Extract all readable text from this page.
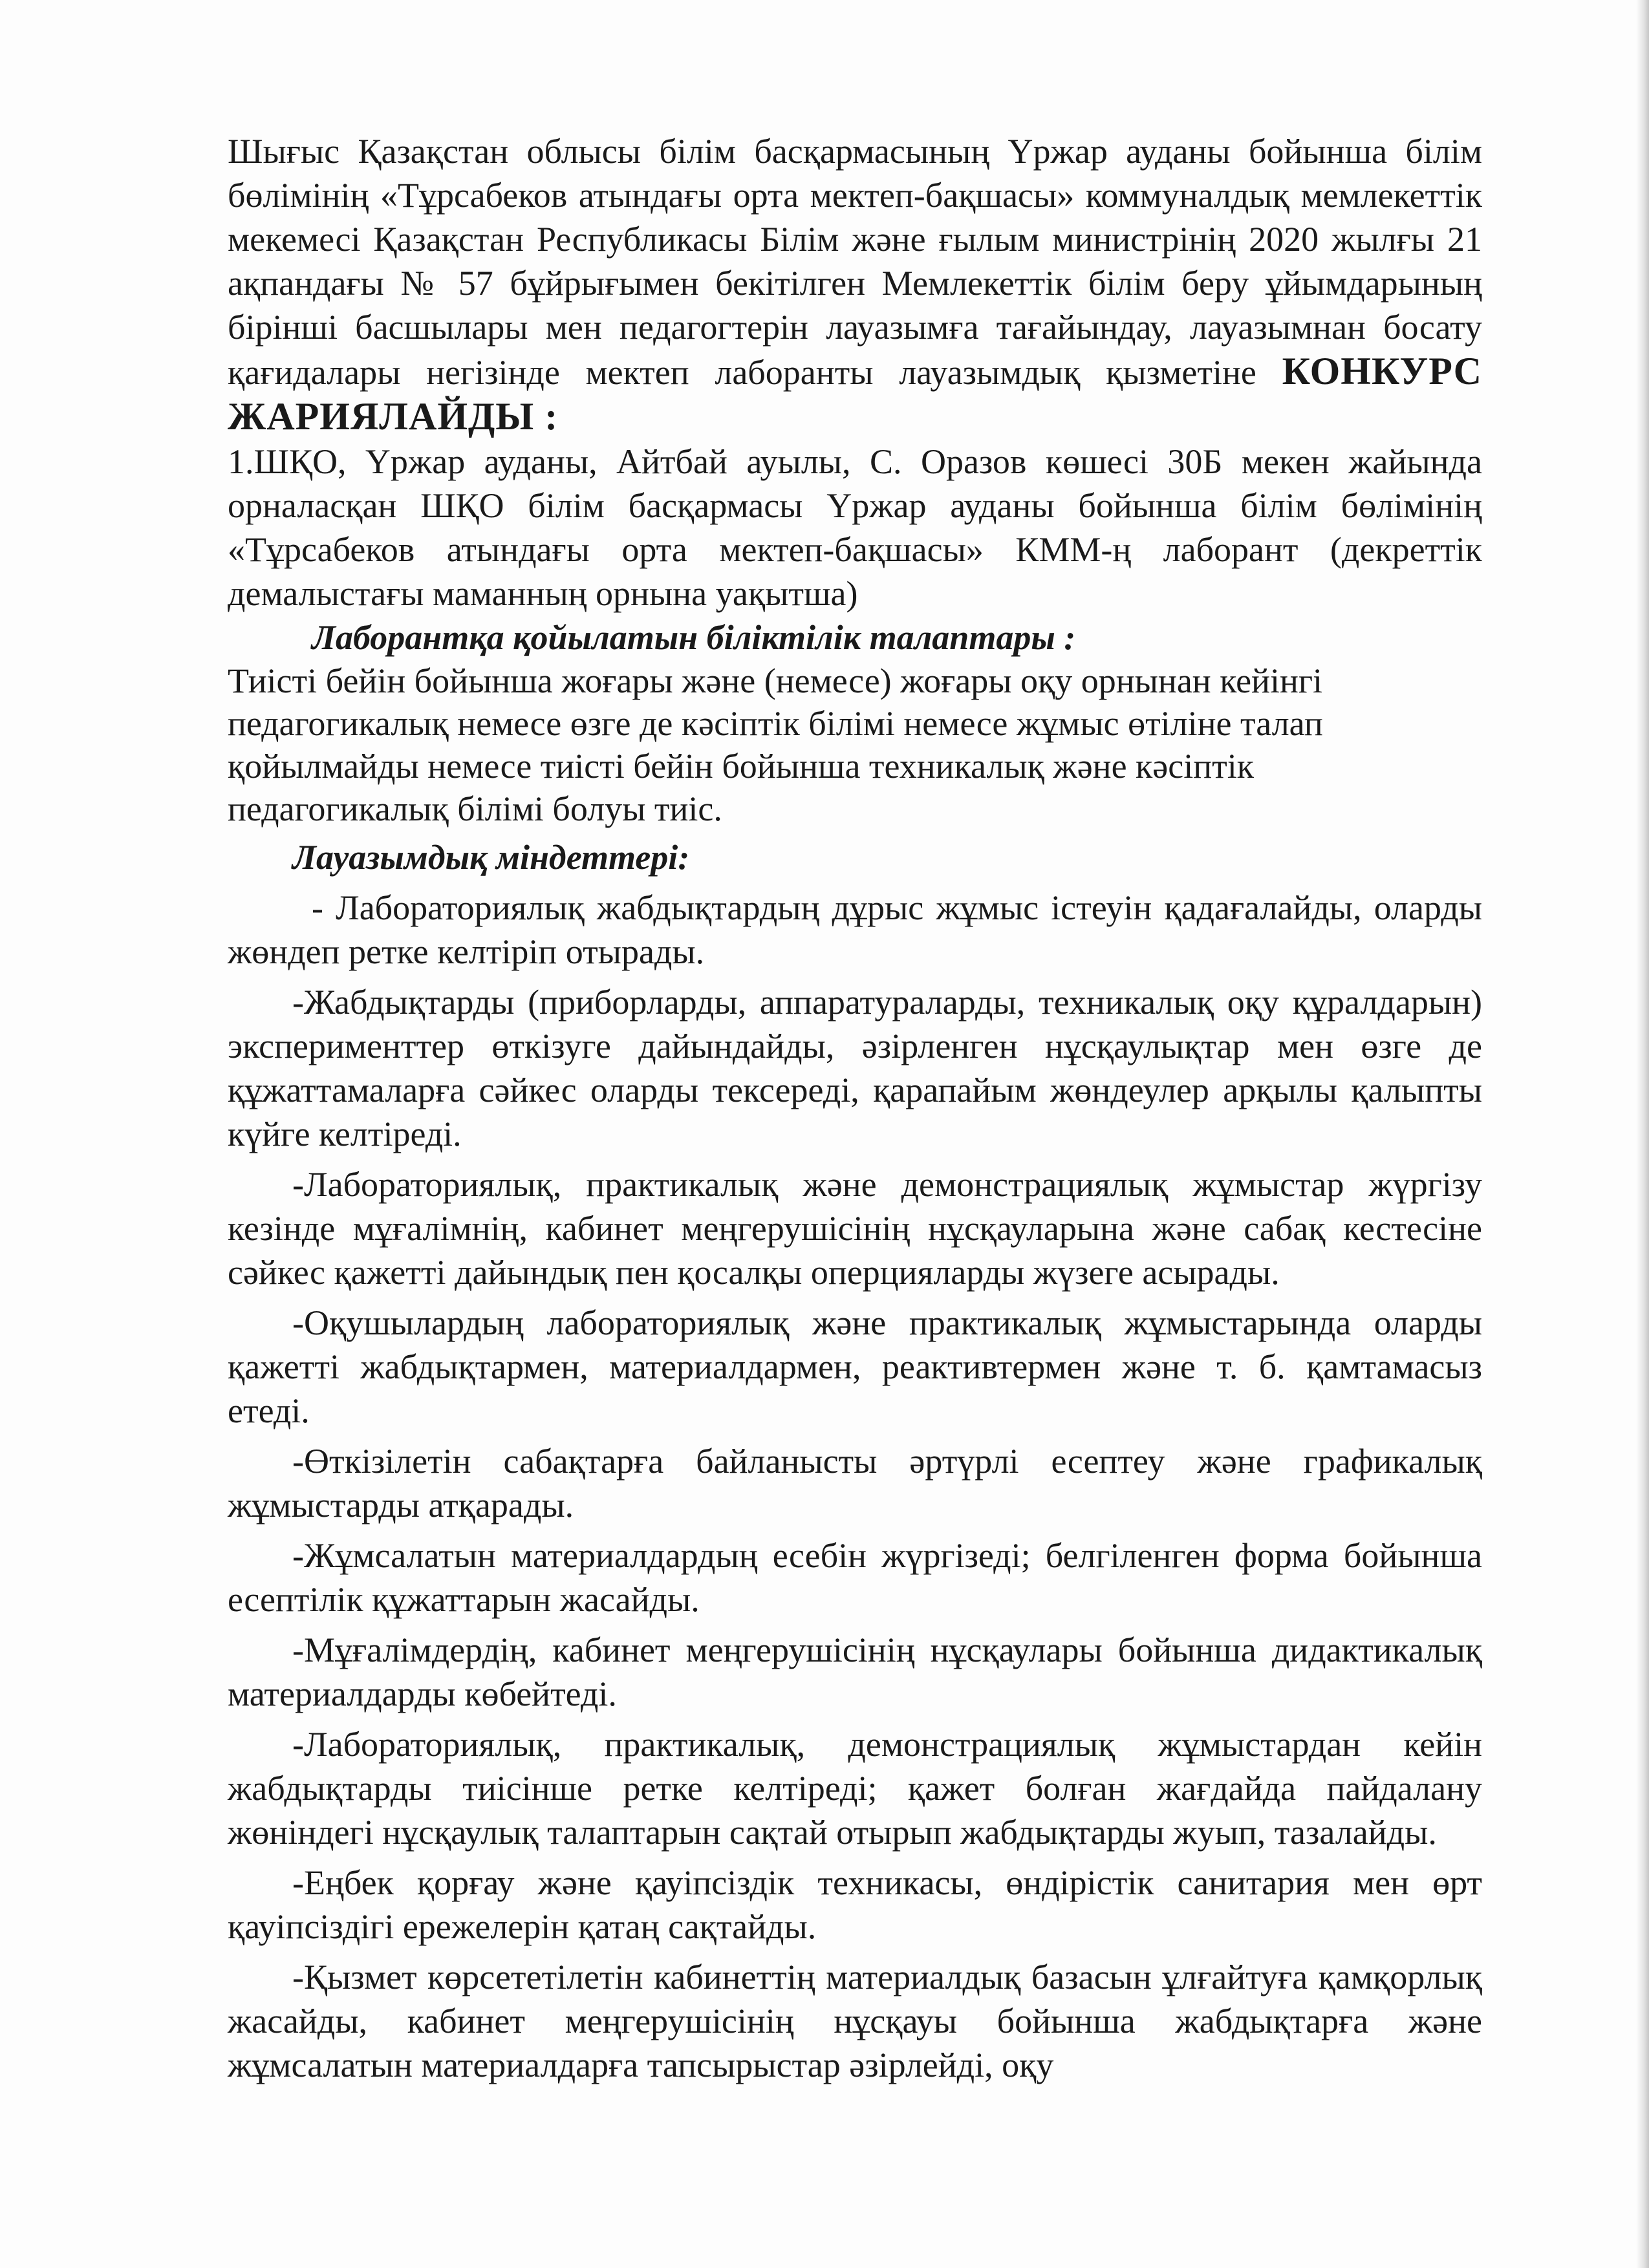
Шығыс Қазақстан облысы білім басқармасының Үржар ауданы бойынша білім бөлімінің «Тұрсабеков атындағы орта мектеп-бақшасы» коммуналдық мемлекеттік мекемесі Қазақстан Республикасы Білім және ғылым министрінің 2020 жылғы 21 ақпандағы № 57 бұйрығымен бекітілген Мемлекеттік білім беру ұйымдарының бірінші басшылары мен педагогтерін лауазымға тағайындау, лауазымнан босату қағидалары негізінде мектеп лаборанты лауазымдық қызметіне КОНКУРС ЖАРИЯЛАЙДЫ :

1.ШҚО, Үржар ауданы, Айтбай ауылы, С. Оразов көшесі 30Б мекен жайында орналасқан ШҚО білім басқармасы Үржар ауданы бойынша білім бөлімінің «Тұрсабеков атындағы орта мектеп-бақшасы» КММ-ң лаборант (декреттік демалыстағы маманның орнына уақытша)

Лаборантқа қойылатын біліктілік талаптары :

Тиісті бейін бойынша жоғары және (немесе) жоғары оқу орнынан кейінгі педагогикалық немесе өзге де кәсіптік білімі немесе жұмыс өтіліне талап қойылмайды немесе тиісті бейін бойынша техникалық және кәсіптік педагогикалық білімі болуы тиіс.

Лауазымдық міндеттері:

- Лабораториялық жабдықтардың дұрыс жұмыс істеуін қадағалайды, оларды жөндеп ретке келтіріп отырады.

-Жабдықтарды (приборларды, аппаратураларды, техникалық оқу құралдарын) эксперименттер өткізуге дайындайды, әзірленген нұсқаулықтар мен өзге де құжаттамаларға сәйкес оларды тексереді, қарапайым жөндеулер арқылы қалыпты күйге келтіреді.

-Лабораториялық, практикалық және демонстрациялық жұмыстар жүргізу кезінде мұғалімнің, кабинет меңгерушісінің нұсқауларына және сабақ кестесіне сәйкес қажетті дайындық пен қосалқы оперцияларды жүзеге асырады.

-Оқушылардың лабораториялық және практикалық жұмыстарында оларды қажетті жабдықтармен, материалдармен, реактивтермен және т. б. қамтамасыз етеді.

-Өткізілетін сабақтарға байланысты әртүрлі есептеу және графикалық жұмыстарды атқарады.

-Жұмсалатын материалдардың есебін жүргізеді; белгіленген форма бойынша есептілік құжаттарын жасайды.

-Мұғалімдердің, кабинет меңгерушісінің нұсқаулары бойынша дидактикалық материалдарды көбейтеді.

-Лабораториялық, практикалық, демонстрациялық жұмыстардан кейін жабдықтарды тиісінше ретке келтіреді; қажет болған жағдайда пайдалану жөніндегі нұсқаулық талаптарын сақтай отырып жабдықтарды жуып, тазалайды.

-Еңбек қорғау және қауіпсіздік техникасы, өндірістік санитария мен өрт қауіпсіздігі ережелерін қатаң сақтайды.

-Қызмет көрсететілетін кабинеттің материалдық базасын ұлғайтуға қамқорлық жасайды, кабинет меңгерушісінің нұсқауы бойынша жабдықтарға және жұмсалатын материалдарға тапсырыстар әзірлейді, оқу
